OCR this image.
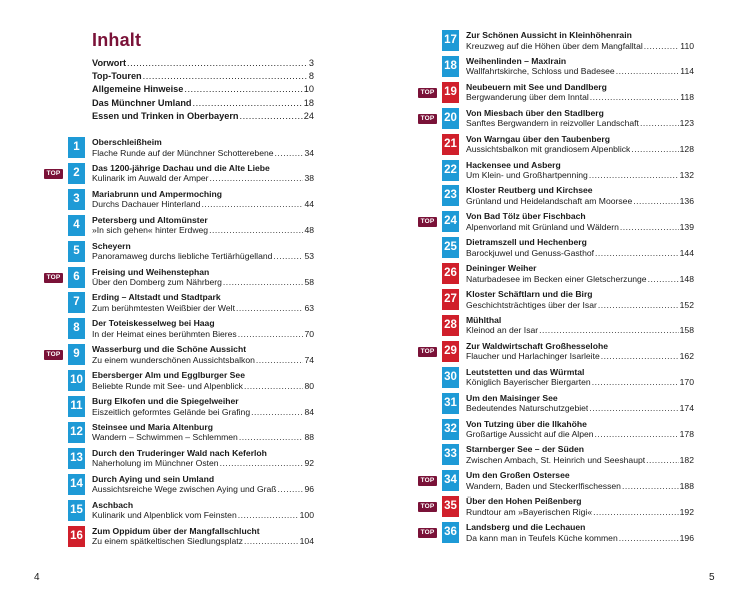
Inhalt
Vorwort .....	3
Top-Touren .....	8
Allgemeine Hinweise .....	10
Das Münchner Umland .....	18
Essen und Trinken in Oberbayern .....	24
1	Oberschleißheim
Flache Runde auf der Münchner Schotterebene .....	34
TOP	2	Das 1200-jährige Dachau und die Alte Liebe
Kulinarik im Auwald der Amper .....	38
3	Mariabrunn und Ampermoching
Durchs Dachauer Hinterland .....	44
4	Petersberg und Altomünster
»In sich gehen« hinter Erdweg .....	48
5	Scheyern
Panoramaweg durchs liebliche Tertiärhügelland .....	53
TOP	6	Freising und Weihenstephan
Über den Domberg zum Nährberg .....	58
7	Erding – Altstadt und Stadtpark
Zum berühmtesten Weißbier der Welt .....	63
8	Der Toteiskesselweg bei Haag
In der Heimat eines berühmten Bieres .....	70
TOP	9	Wasserburg und die Schöne Aussicht
Zu einem wunderschönen Aussichtsbalkon .....	74
10 Ebersberger Alm und Egglburger See
Beliebte Runde mit See- und Alpenblick .....	80
11 Burg Elkofen und die Spiegelweiher
Eiszeitlich geformtes Gelände bei Grafing .....	84
12 Steinsee und Maria Altenburg
Wandern – Schwimmen – Schlemmen .....	88
13 Durch den Truderinger Wald nach Keferloh
Naherholung im Münchner Osten .....	92
14 Durch Aying und sein Umland
Aussichtsreiche Wege zwischen Aying und Graß .....	96
15 Aschbach
Kulinarik und Alpenblick vom Feinsten .....	100
16 Zum Oppidum über der Mangfallschlucht
Zu einem spätkeltischen Siedlungsplatz .....	104
4
17 Zur Schönen Aussicht in Kleinhöhenrain
Kreuzweg auf die Höhen über dem Mangfalltal .....	110
18 Weihenlinden – Maxlrain
Wallfahrtskirche, Schloss und Badesee .....	114
TOP 19 Neubeuern mit See und Dandlberg
Bergwanderung über dem Inntal .....	118
TOP 20 Von Miesbach über den Stadlberg
Sanftes Bergwandern in reizvoller Landschaft .....	123
21 Von Warngau über den Taubenberg
Aussichtsbalkon mit grandiosem Alpenblick .....	128
22 Hackensee und Asberg
Um Klein- und Großhartpenning .....	132
23 Kloster Reutberg und Kirchsee
Grünland und Heidelandschaft am Moorsee .....	136
TOP 24 Von Bad Tölz über Fischbach
Alpenvorland mit Grünland und Wäldern .....	139
25 Dietramszell und Hechenberg
Barockjuwel und Genuss-Gasthof .....	144
26 Deininger Weiher
Naturbadesee im Becken einer Gletscherzunge .....	148
27 Kloster Schäftlarn und die Birg
Geschichtsträchtiges über der Isar .....	152
28 Mühlthal
Kleinod an der Isar .....	158
TOP 29 Zur Waldwirtschaft Großhesselohe
Flaucher und Harlachinger Isarleite .....	162
30 Leutstetten und das Würmtal
Königlich Bayerischer Biergarten .....	170
31 Um den Maisinger See
Bedeutendes Naturschutzgebiet .....	174
32 Von Tutzing über die Ilkahöhe
Großartige Aussicht auf die Alpen .....	178
33 Starnberger See – der Süden
Zwischen Ambach, St. Heinrich und Seeshaupt .....	182
TOP 34 Um den Großen Ostersee
Wandern, Baden und Steckerlfischessen .....	188
TOP 35 Über den Hohen Peißenberg
Rundtour am »Bayerischen Rigi« .....	192
TOP 36 Landsberg und die Lechauen
Da kann man in Teufels Küche kommen .....	196
5
